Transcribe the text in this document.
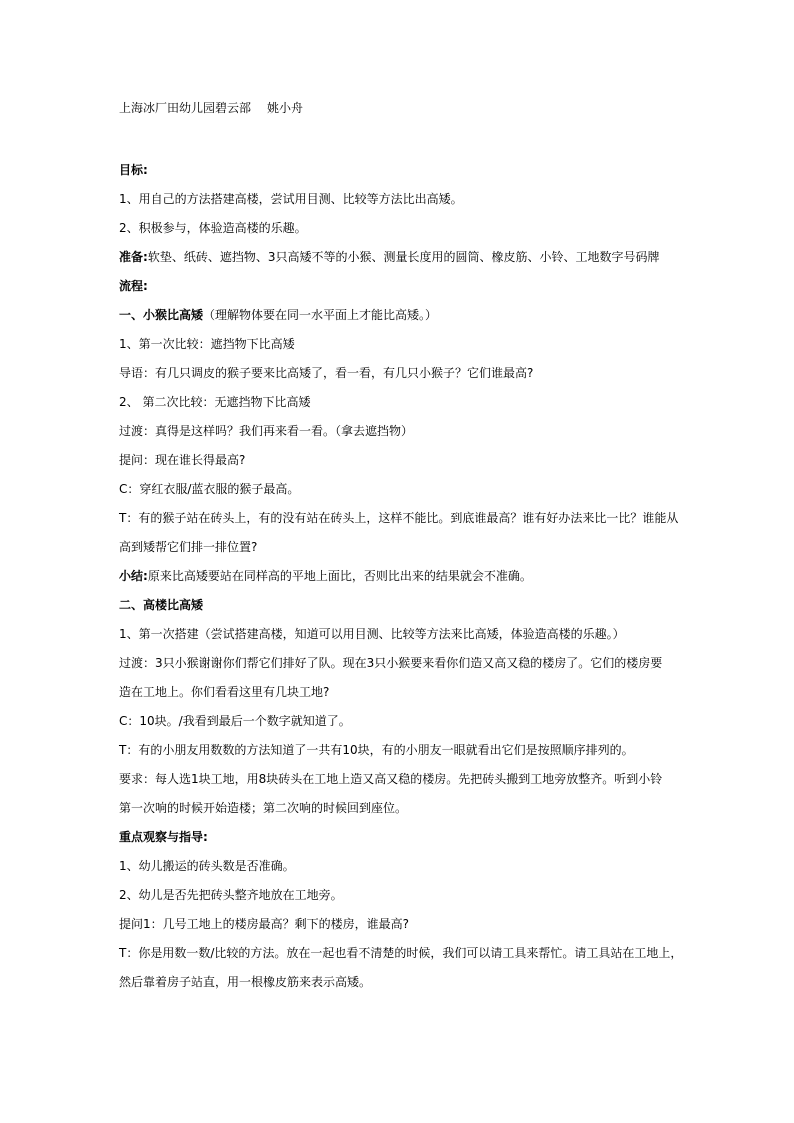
上海冰厂田幼儿园碧云部 姚小舟
目标:
1、用自己的方法搭建高楼，尝试用目测、比较等方法比出高矮。
2、积极参与，体验造高楼的乐趣。
准备:软垫、纸砖、遮挡物、3只高矮不等的小猴、测量长度用的圆筒、橡皮筋、小铃、工地数字号码牌
流程:
一、小猴比高矮（理解物体要在同一水平面上才能比高矮。）
1、第一次比较：遮挡物下比高矮
导语：有几只调皮的猴子要来比高矮了，看一看，有几只小猴子？它们谁最高?
2、 第二次比较：无遮挡物下比高矮
过渡：真得是这样吗？我们再来看一看。（拿去遮挡物）
提问：现在谁长得最高?
C：穿红衣服/蓝衣服的猴子最高。
T：有的猴子站在砖头上，有的没有站在砖头上，这样不能比。到底谁最高？谁有好办法来比一比？谁能从
高到矮帮它们排一排位置?
小结:原来比高矮要站在同样高的平地上面比，否则比出来的结果就会不准确。
二、高楼比高矮
1、第一次搭建（尝试搭建高楼，知道可以用目测、比较等方法来比高矮，体验造高楼的乐趣。）
过渡：3只小猴谢谢你们帮它们排好了队。现在3只小猴要来看你们造又高又稳的楼房了。它们的楼房要
造在工地上。你们看看这里有几块工地?
C：10块。/我看到最后一个数字就知道了。
T：有的小朋友用数数的方法知道了一共有10块，有的小朋友一眼就看出它们是按照顺序排列的。
要求：每人选1块工地，用8块砖头在工地上造又高又稳的楼房。先把砖头搬到工地旁放整齐。听到小铃
第一次响的时候开始造楼；第二次响的时候回到座位。
重点观察与指导:
1、幼儿搬运的砖头数是否准确。
2、幼儿是否先把砖头整齐地放在工地旁。
提问1：几号工地上的楼房最高？剩下的楼房，谁最高?
T：你是用数一数/比较的方法。放在一起也看不清楚的时候，我们可以请工具来帮忙。请工具站在工地上，
然后靠着房子站直，用一根橡皮筋来表示高矮。
